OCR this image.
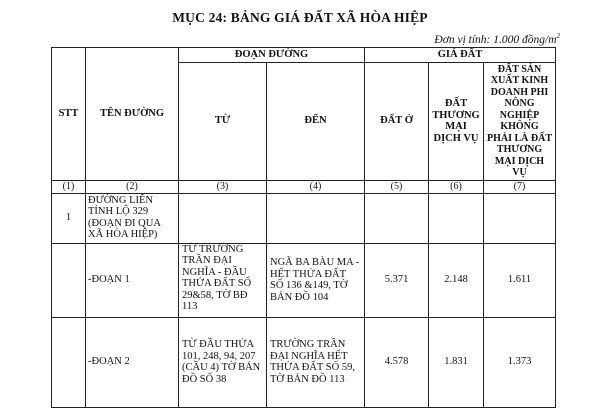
MỤC 24: BẢNG GIÁ ĐẤT XÃ HÒA HIỆP
Đơn vị tính: 1.000 đồng/$m^2$
STT	TÊN ĐƯỜNG	ĐOẠN ĐƯỜNG		GIÁ ĐẤT		
		TỪ	ĐẾN	ĐẤT Ở	ĐẤT THƯƠNG MẠI DỊCH VỤ	ĐẤT SẢN XUẤT KINH DOANH PHI NÔNG NGHIỆP KHÔNG PHẢI LÀ ĐẤT THƯƠNG MẠI DỊCH VỤ
(1)	(2)	(3)	(4)	(5)	(6)	(7)
1	ĐƯỜNG LIÊN TỈNH LỘ 329 (ĐOẠN ĐI QUA XÃ HÒA HIỆP)					
	-ĐOẠN 1	TỪ TRƯỜNG TRẦN ĐẠI NGHĨA - ĐẦU THỬA ĐẤT SỐ 29&58, TỜ BĐ 113	NGÃ BA BÀU MA - HẾT THỬA ĐẤT SỐ 136 &149, TỜ BẢN ĐỒ 104	5.371	2.148	1.611
	-ĐOẠN 2	TỪ ĐẦU THỬA 101, 248, 94, 207 (CẦU 4) TỜ BẢN ĐỒ SỐ 38	TRƯỜNG TRẦN ĐẠI NGHĨA HẾT THỬA ĐẤT SỐ 59, TỜ BẢN ĐỒ 113	4.578	1.831	1.373
